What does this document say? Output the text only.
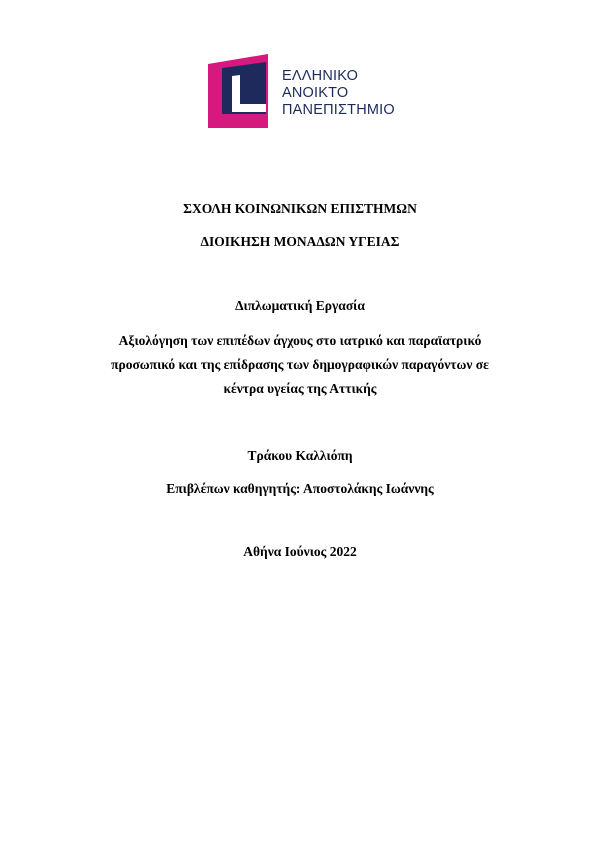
ΕΛΛΗΝΙΚΟ
ΑΝΟΙΚΤΟ
ΠΑΝΕΠΙΣΤΗΜΙΟ
ΣΧΟΛΗ ΚΟΙΝΩΝΙΚΩΝ ΕΠΙΣΤΗΜΩΝ
ΔΙΟΙΚΗΣΗ ΜΟΝΑΔΩΝ ΥΓΕΙΑΣ
Διπλωματική Εργασία
Αξιολόγηση των επιπέδων άγχους στο ιατρικό και παραϊατρικό προσωπικό και της επίδρασης των δημογραφικών παραγόντων σε κέντρα υγείας της Αττικής
Τράκου Καλλιόπη
Επιβλέπων καθηγητής: Αποστολάκης Ιωάννης
Αθήνα Ιούνιος 2022
